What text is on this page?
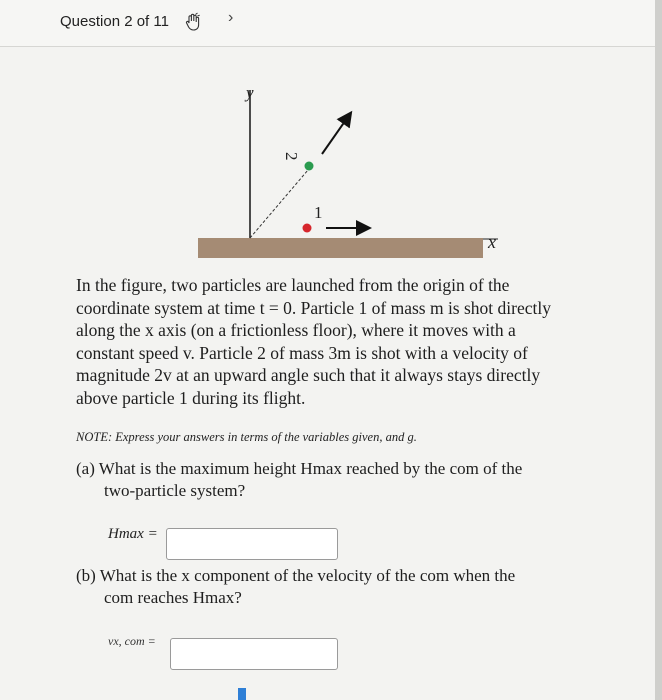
Question 2 of 11	›
y
x
2
1
In the figure, two particles are launched from the origin of the
coordinate system at time t = 0. Particle 1 of mass m is shot directly
along the x axis (on a frictionless floor), where it moves with a
constant speed v. Particle 2 of mass 3m is shot with a velocity of
magnitude 2v at an upward angle such that it always stays directly
above particle 1 during its flight.
NOTE: Express your answers in terms of the variables given, and g.
(a) What is the maximum height Hmax reached by the com of the
two-particle system?
Hmax =
(b) What is the x component of the velocity of the com when the
com reaches Hmax?
vx, com =
